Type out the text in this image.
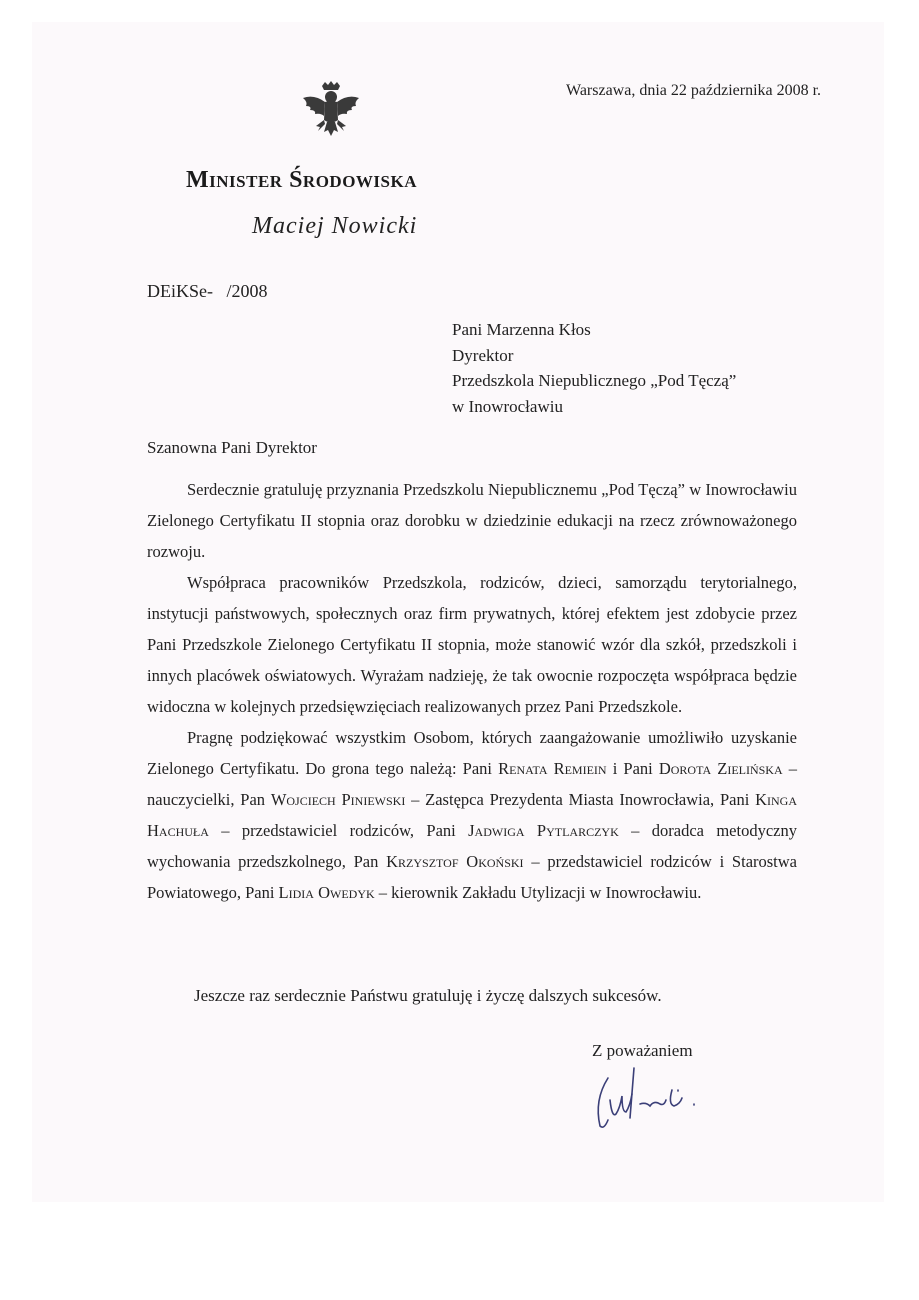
Warszawa, dnia 22 października 2008 r.
Minister Środowiska
Maciej Nowicki
DEiKSe-   /2008
Pani Marzenna Kłos
Dyrektor
Przedszkola Niepublicznego „Pod Tęczą”
w Inowrocławiu
Szanowna Pani Dyrektor

Serdecznie gratuluję przyznania Przedszkolu Niepublicznemu „Pod Tęczą” w Inowrocławiu Zielonego Certyfikatu II stopnia oraz dorobku w dziedzinie edukacji na rzecz zrównoważonego rozwoju.

Współpraca pracowników Przedszkola, rodziców, dzieci, samorządu terytorialnego, instytucji państwowych, społecznych oraz firm prywatnych, której efektem jest zdobycie przez Pani Przedszkole Zielonego Certyfikatu II stopnia, może stanowić wzór dla szkół, przedszkoli i innych placówek oświatowych. Wyrażam nadzieję, że tak owocnie rozpoczęta współpraca będzie widoczna w kolejnych przedsięwzięciach realizowanych przez Pani Przedszkole.

Pragnę podziękować wszystkim Osobom, których zaangażowanie umożliwiło uzyskanie Zielonego Certyfikatu. Do grona tego należą: Pani Renata Remiein i Pani Dorota Zielińska – nauczycielki, Pan Wojciech Piniewski – Zastępca Prezydenta Miasta Inowrocławia, Pani Kinga Hachuła – przedstawiciel rodziców, Pani Jadwiga Pytlarczyk – doradca metodyczny wychowania przedszkolnego, Pan Krzysztof Okoński – przedstawiciel rodziców i Starostwa Powiatowego, Pani Lidia Owedyk – kierownik Zakładu Utylizacji w Inowrocławiu.

Jeszcze raz serdecznie Państwu gratuluję i życzę dalszych sukcesów.
Z poważaniem
